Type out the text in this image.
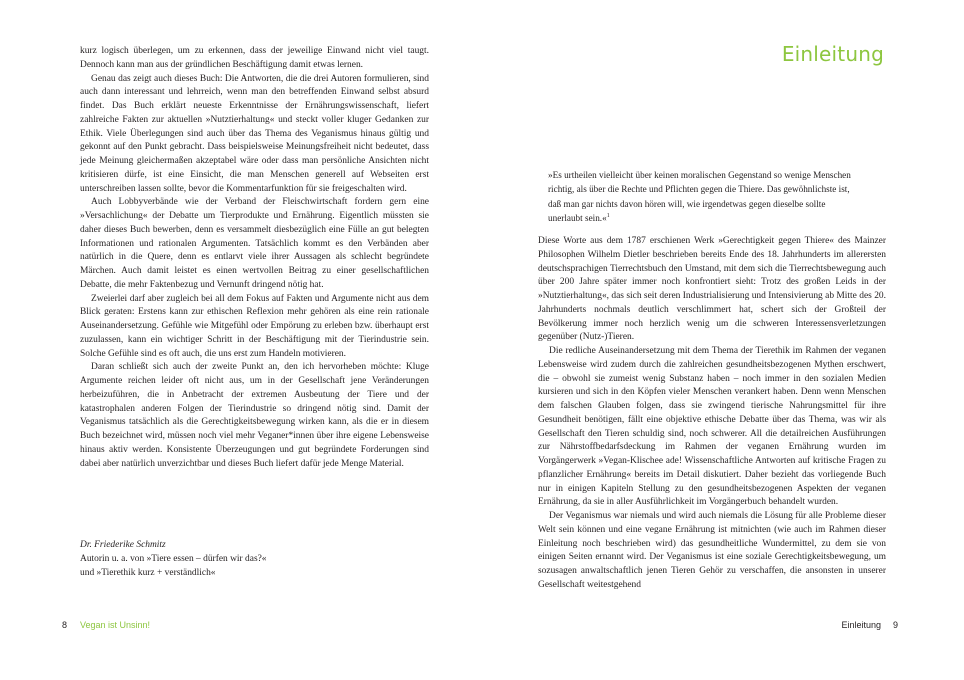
kurz logisch überlegen, um zu erkennen, dass der jeweilige Einwand nicht viel taugt. Dennoch kann man aus der gründlichen Beschäftigung damit etwas lernen.

Genau das zeigt auch dieses Buch: Die Antworten, die die drei Autoren formulieren, sind auch dann interessant und lehrreich, wenn man den betreffenden Einwand selbst absurd findet. Das Buch erklärt neueste Erkenntnisse der Ernährungswissenschaft, liefert zahlreiche Fakten zur aktuellen »Nutztierhaltung« und steckt voller kluger Gedanken zur Ethik. Viele Überlegungen sind auch über das Thema des Veganismus hinaus gültig und gekonnt auf den Punkt gebracht. Dass beispielsweise Meinungsfreiheit nicht bedeutet, dass jede Meinung gleichermaßen akzeptabel wäre oder dass man persönliche Ansichten nicht kritisieren dürfe, ist eine Einsicht, die man Menschen generell auf Webseiten erst unterschreiben lassen sollte, bevor die Kommentarfunktion für sie freigeschalten wird.

Auch Lobbyverbände wie der Verband der Fleischwirtschaft fordern gern eine »Versachlichung« der Debatte um Tierprodukte und Ernährung. Eigentlich müssten sie daher dieses Buch bewerben, denn es versammelt diesbezüglich eine Fülle an gut belegten Informationen und rationalen Argumenten. Tatsächlich kommt es den Verbänden aber natürlich in die Quere, denn es entlarvt viele ihrer Aussagen als schlecht begründete Märchen. Auch damit leistet es einen wertvollen Beitrag zu einer gesellschaftlichen Debatte, die mehr Faktenbezug und Vernunft dringend nötig hat.

Zweierlei darf aber zugleich bei all dem Fokus auf Fakten und Argumente nicht aus dem Blick geraten: Erstens kann zur ethischen Reflexion mehr gehören als eine rein rationale Auseinandersetzung. Gefühle wie Mitgefühl oder Empörung zu erleben bzw. überhaupt erst zuzulassen, kann ein wichtiger Schritt in der Beschäftigung mit der Tierindustrie sein. Solche Gefühle sind es oft auch, die uns erst zum Handeln motivieren.

Daran schließt sich auch der zweite Punkt an, den ich hervorheben möchte: Kluge Argumente reichen leider oft nicht aus, um in der Gesellschaft jene Veränderungen herbeizuführen, die in Anbetracht der extremen Ausbeutung der Tiere und der katastrophalen anderen Folgen der Tierindustrie so dringend nötig sind. Damit der Veganismus tatsächlich als die Gerechtigkeitsbewegung wirken kann, als die er in diesem Buch bezeichnet wird, müssen noch viel mehr Veganer*innen über ihre eigene Lebensweise hinaus aktiv werden. Konsistente Überzeugungen und gut begründete Forderungen sind dabei aber natürlich unverzichtbar und dieses Buch liefert dafür jede Menge Material.

Dr. Friederike Schmitz
Autorin u. a. von »Tiere essen – dürfen wir das?«
und »Tierethik kurz + verständlich«
8 Vegan ist Unsinn!
Einleitung

»Es urtheilen vielleicht über keinen moralischen Gegenstand so wenige Menschen richtig, als über die Rechte und Pflichten gegen die Thiere. Das gewöhnlichste ist, daß man gar nichts davon hören will, wie irgendetwas gegen dieselbe sollte unerlaubt sein.«$^1$

Diese Worte aus dem 1787 erschienen Werk »Gerechtigkeit gegen Thiere« des Mainzer Philosophen Wilhelm Dietler beschrieben bereits Ende des 18. Jahrhunderts im allerersten deutschsprachigen Tierrechtsbuch den Umstand, mit dem sich die Tierrechtsbewegung auch über 200 Jahre später immer noch konfrontiert sieht: Trotz des großen Leids in der »Nutztierhaltung«, das sich seit deren Industrialisierung und Intensivierung ab Mitte des 20. Jahrhunderts nochmals deutlich verschlimmert hat, schert sich der Großteil der Bevölkerung immer noch herzlich wenig um die schweren Interessensverletzungen gegenüber (Nutz-)Tieren.

Die redliche Auseinandersetzung mit dem Thema der Tierethik im Rahmen der veganen Lebensweise wird zudem durch die zahlreichen gesundheitsbezogenen Mythen erschwert, die – obwohl sie zumeist wenig Substanz haben – noch immer in den sozialen Medien kursieren und sich in den Köpfen vieler Menschen verankert haben. Denn wenn Menschen dem falschen Glauben folgen, dass sie zwingend tierische Nahrungsmittel für ihre Gesundheit benötigen, fällt eine objektive ethische Debatte über das Thema, was wir als Gesellschaft den Tieren schuldig sind, noch schwerer. All die detailreichen Ausführungen zur Nährstoffbedarfsdeckung im Rahmen der veganen Ernährung wurden im Vorgängerwerk »Vegan-Klischee ade! Wissenschaftliche Antworten auf kritische Fragen zu pflanzlicher Ernährung« bereits im Detail diskutiert. Daher bezieht das vorliegende Buch nur in einigen Kapiteln Stellung zu den gesundheitsbezogenen Aspekten der veganen Ernährung, da sie in aller Ausführlichkeit im Vorgängerbuch behandelt wurden.

Der Veganismus war niemals und wird auch niemals die Lösung für alle Probleme dieser Welt sein können und eine vegane Ernährung ist mitnichten (wie auch im Rahmen dieser Einleitung noch beschrieben wird) das gesundheitliche Wundermittel, zu dem sie von einigen Seiten ernannt wird. Der Veganismus ist eine soziale Gerechtigkeitsbewegung, um sozusagen anwaltschaftlich jenen Tieren Gehör zu verschaffen, die ansonsten in unserer Gesellschaft weitestgehend

Einleitung 9
